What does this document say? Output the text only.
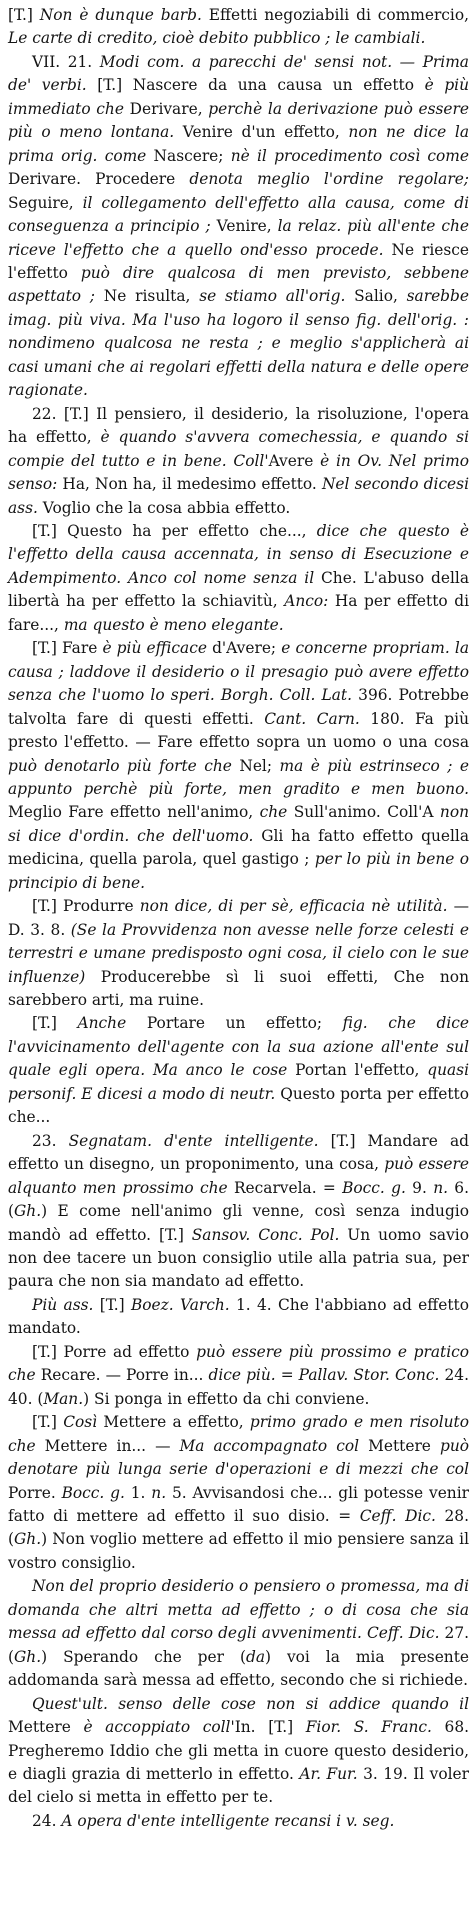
[T.] Non è dunque barb. Effetti negoziabili di commercio, Le carte di credito, cioè debito pubblico ; le cambiali.

VII. 21. Modi com. a parecchi de' sensi not. — Prima de' verbi. [T.] Nascere da una causa un effetto è più immediato che Derivare, perchè la derivazione può essere più o meno lontana. Venire d'un effetto, non ne dice la prima orig. come Nascere; nè il procedimento così come Derivare. Procedere denota meglio l'ordine regolare; Seguire, il collegamento dell'effetto alla causa, come di conseguenza a principio ; Venire, la relaz. più all'ente che riceve l'effetto che a quello ond'esso procede. Ne riesce l'effetto può dire qualcosa di men previsto, sebbene aspettato ; Ne risulta, se stiamo all'orig. Salio, sarebbe imag. più viva. Ma l'uso ha logoro il senso fig. dell'orig. : nondimeno qualcosa ne resta ; e meglio s'applicherà ai casi umani che ai regolari effetti della natura e delle opere ragionate.

22. [T.] Il pensiero, il desiderio, la risoluzione, l'opera ha effetto, è quando s'avvera comechessia, e quando si compie del tutto e in bene. Coll'Avere è in Ov. Nel primo senso: Ha, Non ha, il medesimo effetto. Nel secondo dicesi ass. Voglio che la cosa abbia effetto.

[T.] Questo ha per effetto che..., dice che questo è l'effetto della causa accennata, in senso di Esecuzione e Adempimento. Anco col nome senza il Che. L'abuso della libertà ha per effetto la schiavitù, Anco: Ha per effetto di fare..., ma questo è meno elegante.

[T.] Fare è più efficace d'Avere; e concerne propriam. la causa ; laddove il desiderio o il presagio può avere effetto senza che l'uomo lo speri. Borgh. Coll. Lat. 396. Potrebbe talvolta fare di questi effetti. Cant. Carn. 180. Fa più presto l'effetto. — Fare effetto sopra un uomo o una cosa può denotarlo più forte che Nel; ma è più estrinseco ; e appunto perchè più forte, men gradito e men buono. Meglio Fare effetto nell'animo, che Sull'animo. Coll'A non si dice d'ordin. che dell'uomo. Gli ha fatto effetto quella medicina, quella parola, quel gastigo ; per lo più in bene o principio di bene.

[T.] Produrre non dice, di per sè, efficacia nè utilità. — D. 3. 8. (Se la Provvidenza non avesse nelle forze celesti e terrestri e umane predisposto ogni cosa, il cielo con le sue influenze) Producerebbe sì li suoi effetti, Che non sarebbero arti, ma ruine.

[T.] Anche Portare un effetto; fig. che dice l'avvicinamento dell'agente con la sua azione all'ente sul quale egli opera. Ma anco le cose Portan l'effetto, quasi personif. E dicesi a modo di neutr. Questo porta per effetto che...

23. Segnatam. d'ente intelligente. [T.] Mandare ad effetto un disegno, un proponimento, una cosa, può essere alquanto men prossimo che Recarvela. = Bocc. g. 9. n. 6. (Gh.) E come nell'animo gli venne, così senza indugio mandò ad effetto. [T.] Sansov. Conc. Pol. Un uomo savio non dee tacere un buon consiglio utile alla patria sua, per paura che non sia mandato ad effetto.

Più ass. [T.] Boez. Varch. 1. 4. Che l'abbiano ad effetto mandato.

[T.] Porre ad effetto può essere più prossimo e pratico che Recare. — Porre in... dice più. = Pallav. Stor. Conc. 24. 40. (Man.) Si ponga in effetto da chi conviene.

[T.] Così Mettere a effetto, primo grado e men risoluto che Mettere in... — Ma accompagnato col Mettere può denotare più lunga serie d'operazioni e di mezzi che col Porre. Bocc. g. 1. n. 5. Avvisandosi che... gli potesse venir fatto di mettere ad effetto il suo disio. = Ceff. Dic. 28. (Gh.) Non voglio mettere ad effetto il mio pensiere sanza il vostro consiglio.

Non del proprio desiderio o pensiero o promessa, ma di domanda che altri metta ad effetto ; o di cosa che sia messa ad effetto dal corso degli avvenimenti. Ceff. Dic. 27. (Gh.) Sperando che per (da) voi la mia presente addomanda sarà messa ad effetto, secondo che si richiede.

Quest'ult. senso delle cose non si addice quando il Mettere è accoppiato coll'In. [T.] Fior. S. Franc. 68. Pregheremo Iddio che gli metta in cuore questo desiderio, e diagli grazia di metterlo in effetto. Ar. Fur. 3. 19. Il voler del cielo si metta in effetto per te.

24. A opera d'ente intelligente recansi i v. seg.
